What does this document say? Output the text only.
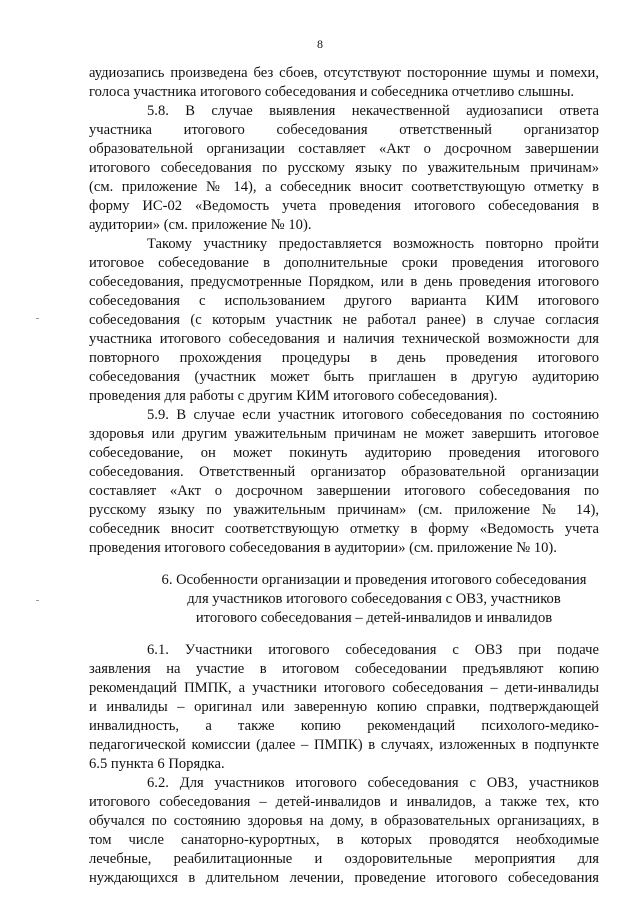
8
аудиозапись произведена без сбоев, отсутствуют посторонние шумы и помехи,
голоса участника итогового собеседования и собеседника отчетливо слышны.
5.8. В случае выявления некачественной аудиозаписи ответа
участника итогового собеседования ответственный организатор
образовательной организации составляет «Акт о досрочном завершении
итогового собеседования по русскому языку по уважительным причинам»
(см. приложение № 14), а собеседник вносит соответствующую отметку в
форму ИС-02 «Ведомость учета проведения итогового собеседования в
аудитории» (см. приложение № 10).
Такому участнику предоставляется возможность повторно пройти
итоговое собеседование в дополнительные сроки проведения итогового
собеседования, предусмотренные Порядком, или в день проведения итогового
собеседования с использованием другого варианта КИМ итогового
собеседования (с которым участник не работал ранее) в случае согласия
участника итогового собеседования и наличия технической возможности для
повторного прохождения процедуры в день проведения итогового
собеседования (участник может быть приглашен в другую аудиторию
проведения для работы с другим КИМ итогового собеседования).
5.9. В случае если участник итогового собеседования по состоянию
здоровья или другим уважительным причинам не может завершить итоговое
собеседование, он может покинуть аудиторию проведения итогового
собеседования. Ответственный организатор образовательной организации
составляет «Акт о досрочном завершении итогового собеседования по
русскому языку по уважительным причинам» (см. приложение № 14),
собеседник вносит соответствующую отметку в форму «Ведомость учета
проведения итогового собеседования в аудитории» (см. приложение № 10).
6. Особенности организации и проведения итогового собеседования
для участников итогового собеседования с ОВЗ, участников
итогового собеседования – детей-инвалидов и инвалидов
6.1. Участники итогового собеседования с ОВЗ при подаче
заявления на участие в итоговом собеседовании предъявляют копию
рекомендаций ПМПК, а участники итогового собеседования – дети-инвалиды
и инвалиды – оригинал или заверенную копию справки, подтверждающей
инвалидность, а также копию рекомендаций психолого-медико-
педагогической комиссии (далее – ПМПК) в случаях, изложенных в подпункте
6.5 пункта 6 Порядка.
6.2. Для участников итогового собеседования с ОВЗ, участников
итогового собеседования – детей-инвалидов и инвалидов, а также тех, кто
обучался по состоянию здоровья на дому, в образовательных организациях, в
том числе санаторно-курортных, в которых проводятся необходимые
лечебные, реабилитационные и оздоровительные мероприятия для
нуждающихся в длительном лечении, проведение итогового собеседования
